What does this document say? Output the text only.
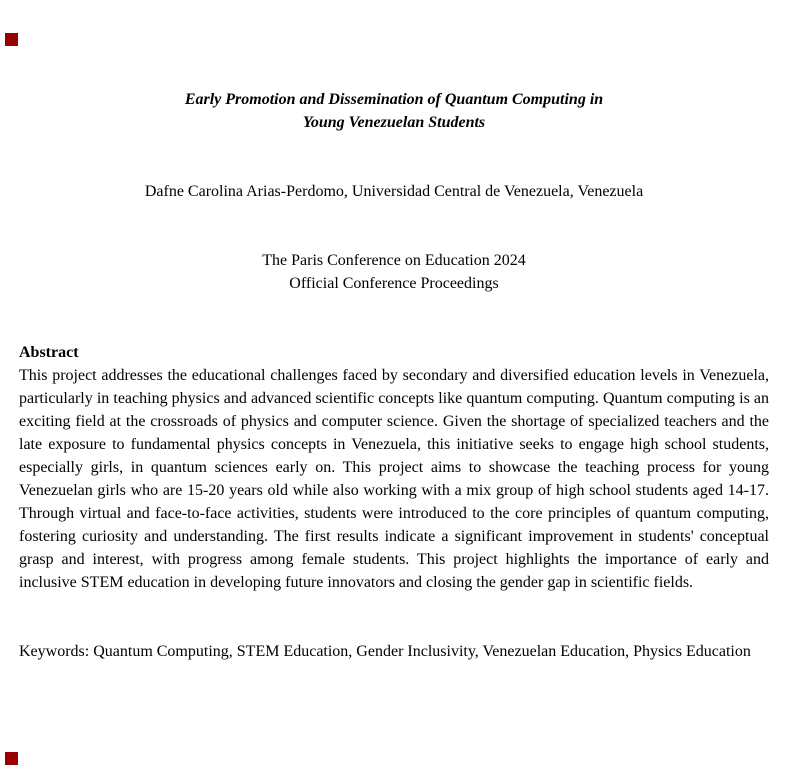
Early Promotion and Dissemination of Quantum Computing in
Young Venezuelan Students

Dafne Carolina Arias-Perdomo, Universidad Central de Venezuela, Venezuela

The Paris Conference on Education 2024
Official Conference Proceedings
Abstract

This project addresses the educational challenges faced by secondary and diversified education levels in Venezuela, particularly in teaching physics and advanced scientific concepts like quantum computing. Quantum computing is an exciting field at the crossroads of physics and computer science. Given the shortage of specialized teachers and the late exposure to fundamental physics concepts in Venezuela, this initiative seeks to engage high school students, especially girls, in quantum sciences early on. This project aims to showcase the teaching process for young Venezuelan girls who are 15-20 years old while also working with a mix group of high school students aged 14-17. Through virtual and face-to-face activities, students were introduced to the core principles of quantum computing, fostering curiosity and understanding. The first results indicate a significant improvement in students' conceptual grasp and interest, with progress among female students. This project highlights the importance of early and inclusive STEM education in developing future innovators and closing the gender gap in scientific fields.

Keywords: Quantum Computing, STEM Education, Gender Inclusivity, Venezuelan Education, Physics Education
